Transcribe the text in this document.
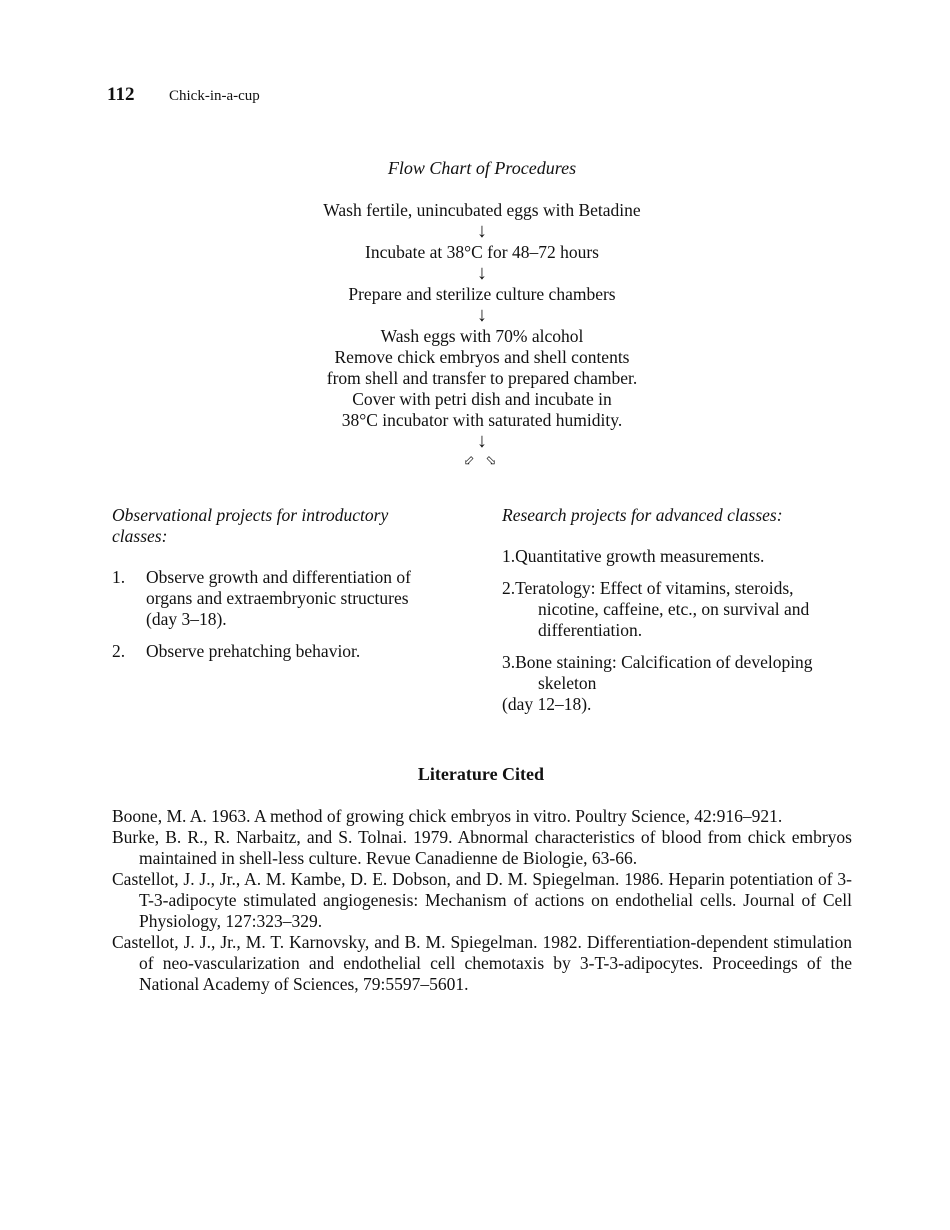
112	Chick-in-a-cup
Flow Chart of Procedures
Wash fertile, unincubated eggs with Betadine
↓
Incubate at 38°C for 48–72 hours
↓
Prepare and sterilize culture chambers
↓
Wash eggs with 70% alcohol
Remove chick embryos and shell contents
from shell and transfer to prepared chamber.
Cover with petri dish and incubate in
38°C incubator with saturated humidity.
↓
⬃ ⬂
Observational projects for introductory classes:
1.	Observe growth and differentiation of organs and extraembryonic structures (day 3–18).
2.	Observe prehatching behavior.
Research projects for advanced classes:
1.Quantitative growth measurements.
2.Teratology: Effect of vitamins, steroids, nicotine, caffeine, etc., on survival and differentiation.
3.Bone staining: Calcification of developing skeleton
(day 12–18).
Literature Cited

Boone, M. A. 1963. A method of growing chick embryos in vitro. Poultry Science, 42:916–921.

Burke, B. R., R. Narbaitz, and S. Tolnai. 1979. Abnormal characteristics of blood from chick embryos maintained in shell-less culture. Revue Canadienne de Biologie, 63-66.

Castellot, J. J., Jr., A. M. Kambe, D. E. Dobson, and D. M. Spiegelman. 1986. Heparin potentiation of 3-T-3-adipocyte stimulated angiogenesis: Mechanism of actions on endothelial cells. Journal of Cell Physiology, 127:323–329.

Castellot, J. J., Jr., M. T. Karnovsky, and B. M. Spiegelman. 1982. Differentiation-dependent stimulation of neo-vascularization and endothelial cell chemotaxis by 3-T-3-adipocytes. Proceedings of the National Academy of Sciences, 79:5597–5601.
